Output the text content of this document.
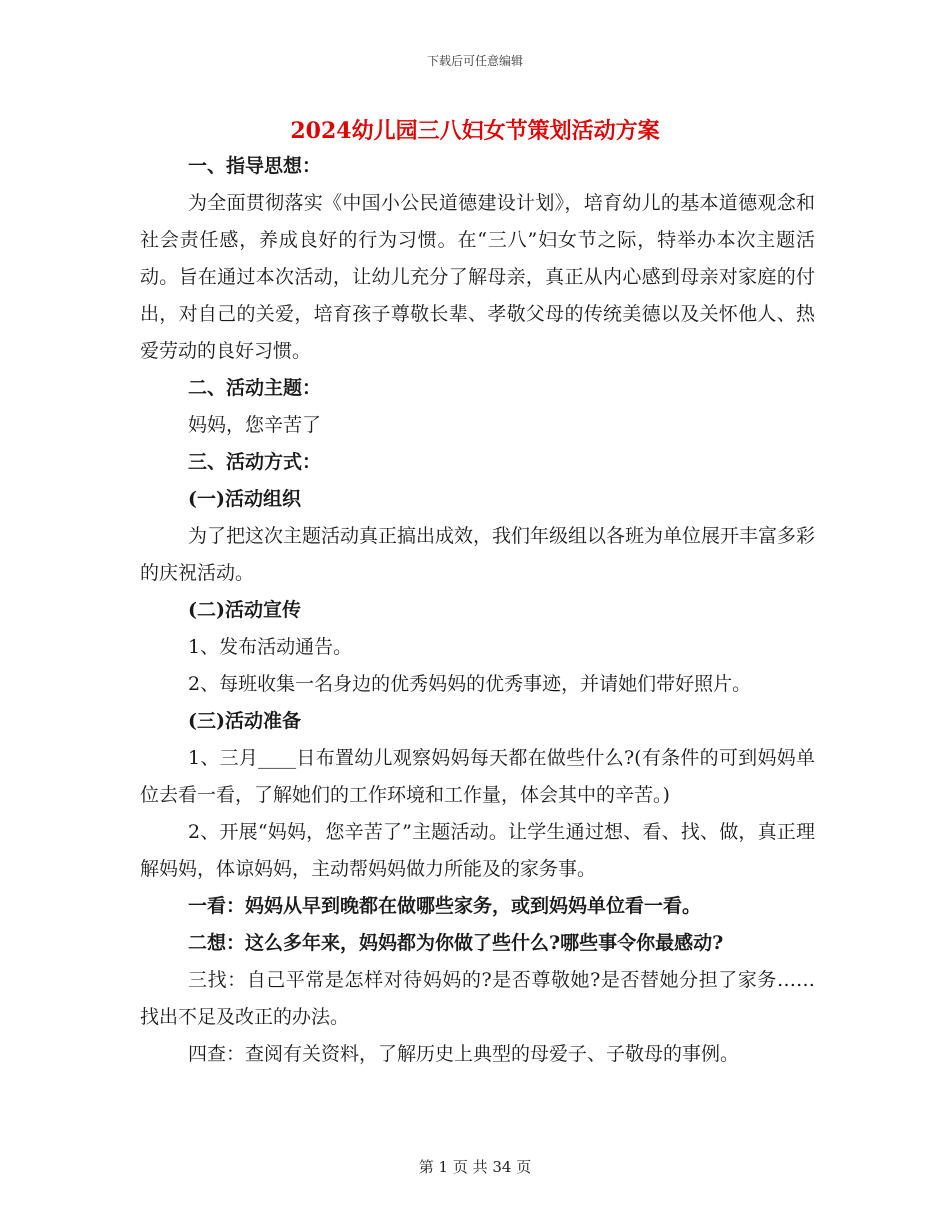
下载后可任意编辑
2024幼儿园三八妇女节策划活动方案

一、指导思想：

为全面贯彻落实《中国小公民道德建设计划》，培育幼儿的基本道德观念和社会责任感，养成良好的行为习惯。在“三八”妇女节之际，特举办本次主题活动。旨在通过本次活动，让幼儿充分了解母亲，真正从内心感到母亲对家庭的付出，对自己的关爱，培育孩子尊敬长辈、孝敬父母的传统美德以及关怀他人、热爱劳动的良好习惯。

二、活动主题：

妈妈，您辛苦了

三、活动方式：

(一)活动组织

为了把这次主题活动真正搞出成效，我们年级组以各班为单位展开丰富多彩的庆祝活动。

(二)活动宣传

1、发布活动通告。

2、每班收集一名身边的优秀妈妈的优秀事迹，并请她们带好照片。

(三)活动准备

1、三月____日布置幼儿观察妈妈每天都在做些什么?(有条件的可到妈妈单位去看一看，了解她们的工作环境和工作量，体会其中的辛苦。)

2、开展“妈妈，您辛苦了”主题活动。让学生通过想、看、找、做，真正理解妈妈，体谅妈妈，主动帮妈妈做力所能及的家务事。

一看：妈妈从早到晚都在做哪些家务，或到妈妈单位看一看。

二想：这么多年来，妈妈都为你做了些什么?哪些事令你最感动?

三找：自己平常是怎样对待妈妈的?是否尊敬她?是否替她分担了家务……找出不足及改正的办法。

四查：查阅有关资料，了解历史上典型的母爱子、子敬母的事例。

第 1 页 共 34 页
